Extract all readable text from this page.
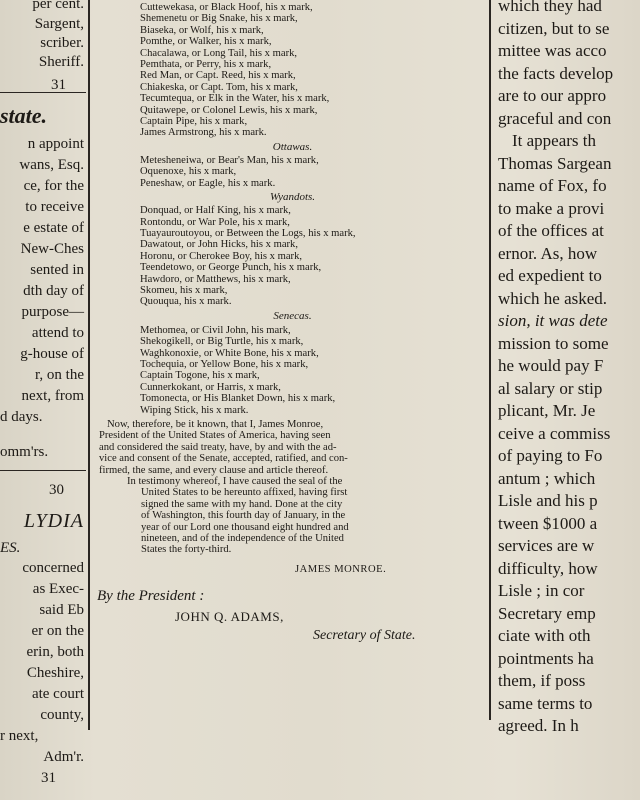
per cent.
Sargent,
scriber.
Sheriff.
31
state.
n appoint
wans, Esq.
ce, for the
to receive
e estate of
New-Ches
sented in
dth day of
purpose—
attend to
g-house of
r, on the
next, from
d days.
omm'rs.
30
LYDIA
ES.
concerned
as Exec-
said Eb
er on the
erin, both
Cheshire,
ate court
county,
r next,
Adm'r.
31
Cuttewekasa, or Black Hoof, his x mark,
Shemenetu or Big Snake, his x mark,
Biaseka, or Wolf, his x mark,
Pomthe, or Walker, his x mark,
Chacalawa, or Long Tail, his x mark,
Pemthata, or Perry, his x mark,
Red Man, or Capt. Reed, his x mark,
Chiakeska, or Capt. Tom, his x mark,
Tecumtequa, or Elk in the Water, his x mark,
Quitawepe, or Colonel Lewis, his x mark,
Captain Pipe, his x mark,
James Armstrong, his x mark.
Ottawas.
Metesheneiwa, or Bear's Man, his x mark,
Oquenoxe, his x mark,
Peneshaw, or Eagle, his x mark.
Wyandots.
Donquad, or Half King, his x mark,
Rontondu, or War Pole, his x mark,
Tuayauroutoyou, or Between the Logs, his x mark,
Dawatout, or John Hicks, his x mark,
Horonu, or Cherokee Boy, his x mark,
Teendetowo, or George Punch, his x mark,
Hawdoro, or Matthews, his x mark,
Skomeu, his x mark,
Quouqua, his x mark.
Senecas.
Methomea, or Civil John, his mark,
Shekogikell, or Big Turtle, his x mark,
Waghkonoxie, or White Bone, his x mark,
Tochequia, or Yellow Bone, his x mark,
Captain Togone, his x mark,
Cunnerkokant, or Harris, x mark,
Tomonecta, or His Blanket Down, his x mark,
Wiping Stick, his x mark.
Now, therefore, be it known, that I, James Monroe,
President of the United States of America, having seen
and considered the said treaty, have, by and with the ad-
vice and consent of the Senate, accepted, ratified, and con-
firmed, the same, and every clause and article thereof.
In testimony whereof, I have caused the seal of the
United States to be hereunto affixed, having first
signed the same with my hand. Done at the city
of Washington, this fourth day of January, in the
year of our Lord one thousand eight hundred and
nineteen, and of the independence of the United
States the forty-third.
JAMES MONROE.
By the President :
JOHN Q. ADAMS,
Secretary of State.
which they had
citizen, but to se
mittee was acco
the facts develop
are to our appro
graceful and con
It appears th
Thomas Sargean
name of Fox, fo
to make a provi
of the offices at
ernor. As, how
ed expedient to
which he asked.
sion, it was dete
mission to some
he would pay F
al salary or stip
plicant, Mr. Je
ceive a commiss
of paying to Fo
antum ; which
Lisle and his p
tween $1000 a
services are w
difficulty, how
Lisle ; in cor
Secretary emp
ciate with oth
pointments ha
them, if poss
same terms to
agreed. In h
